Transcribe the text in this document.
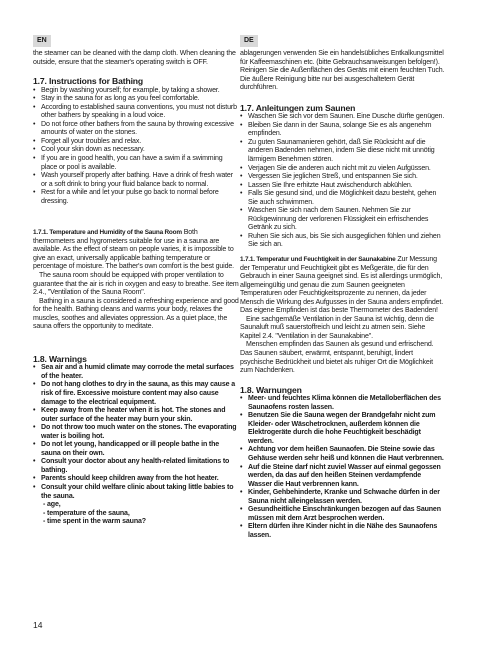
EN

the steamer can be cleaned with the damp cloth. When cleaning the outside, ensure that the steamer's operating switch is OFF.

1.7. Instructions for Bathing
• Begin by washing yourself; for example, by taking a shower.
• Stay in the sauna for as long as you feel comfortable.
• According to established sauna conventions, you must not disturb other bathers by speaking in a loud voice.
• Do not force other bathers from the sauna by throwing excessive amounts of water on the stones.
• Forget all your troubles and relax.
• Cool your skin down as necessary.
• If you are in good health, you can have a swim if a swimming place or pool is available.
• Wash yourself properly after bathing. Have a drink of fresh water or a soft drink to bring your fluid balance back to normal.
• Rest for a while and let your pulse go back to normal before dressing.

1.7.1. Temperature and Humidity of the Sauna Room Both thermometers and hygrometers suitable for use in a sauna are available. As the effect of steam on people varies, it is impossible to give an exact, universally applicable bathing temperature or percentage of moisture. The bather's own comfort is the best guide.

The sauna room should be equipped with proper ventilation to guarantee that the air is rich in oxygen and easy to breathe. See item 2.4., "Ventilation of the Sauna Room".

Bathing in a sauna is considered a refreshing experience and good for the health. Bathing cleans and warms your body, relaxes the muscles, soothes and alleviates oppression. As a quiet place, the sauna offers the opportunity to meditate.

1.8. Warnings
• Sea air and a humid climate may corrode the metal surfaces of the heater.
• Do not hang clothes to dry in the sauna, as this may cause a risk of fire. Excessive moisture content may also cause damage to the electrical equipment.
• Keep away from the heater when it is hot. The stones and outer surface of the heater may burn your skin.
• Do not throw too much water on the stones. The evaporating water is boiling hot.
• Do not let young, handicapped or ill people bathe in the sauna on their own.
• Consult your doctor about any health-related limitations to bathing.
• Parents should keep children away from the hot heater.
• Consult your child welfare clinic about taking little babies to the sauna.
- age,
- temperature of the sauna,
- time spent in the warm sauna?
DE

ablagerungen verwenden Sie ein handelsübliches Entkalkungsmittel für Kaffeemaschinen etc. (bitte Gebrauchsanweisungen befolgen!). Reinigen Sie die Außenflächen des Geräts mit einem feuchten Tuch. Die äußere Reinigung bitte nur bei ausgeschaltetem Gerät durchführen.

1.7. Anleitungen zum Saunen
• Waschen Sie sich vor dem Saunen. Eine Dusche dürfte genügen.
• Bleiben Sie dann in der Sauna, solange Sie es als angenehm empfinden.
• Zu guten Saunamanieren gehört, daß Sie Rücksicht auf die anderen Badenden nehmen, indem Sie diese nicht mit unnötig lärmigem Benehmen stören.
• Verjagen Sie die anderen auch nicht mit zu vielen Aufgüssen.
• Vergessen Sie jeglichen Streß, und entspannen Sie sich.
• Lassen Sie Ihre erhitzte Haut zwischendurch abkühlen.
• Falls Sie gesund sind, und die Möglichkeit dazu besteht, gehen Sie auch schwimmen.
• Waschen Sie sich nach dem Saunen. Nehmen Sie zur Rückgewinnung der verlorenen Flüssigkeit ein erfrischendes Getränk zu sich.
• Ruhen Sie sich aus, bis Sie sich ausgeglichen fühlen und ziehen Sie sich an.

1.7.1. Temperatur und Feuchtigkeit in der Saunakabine Zur Messung der Temperatur und Feuchtigkeit gibt es Meßgeräte, die für den Gebrauch in einer Sauna geeignet sind. Es ist allerdings unmöglich, allgemeingültig und genau die zum Saunen geeigneten Temperaturen oder Feuchtigkeitsprozente zu nennen, da jeder Mensch die Wirkung des Aufgusses in der Sauna anders empfindet. Das eigene Empfinden ist das beste Thermometer des Badenden!

Eine sachgemäße Ventilation in der Sauna ist wichtig, denn die Saunaluft muß sauerstoffreich und leicht zu atmen sein. Siehe Kapitel 2.4. "Ventilation in der Saunakabine".

Menschen empfinden das Saunen als gesund und erfrischend. Das Saunen säubert, erwärmt, entspannt, beruhigt, lindert psychische Bedrückheit und bietet als ruhiger Ort die Möglichkeit zum Nachdenken.

1.8. Warnungen
• Meer- und feuchtes Klima können die Metalloberflächen des Saunaofens rosten lassen.
• Benutzen Sie die Sauna wegen der Brandgefahr nicht zum Kleider- oder Wäschetrocknen, außerdem können die Elektrogeräte durch die hohe Feuchtigkeit beschädigt werden.
• Achtung vor dem heißen Saunaofen. Die Steine sowie das Gehäuse werden sehr heiß und können die Haut verbrennen.
• Auf die Steine darf nicht zuviel Wasser auf einmal gegossen werden, da das auf den heißen Steinen verdampfende Wasser die Haut verbrennen kann.
• Kinder, Gehbehinderte, Kranke und Schwache dürfen in der Sauna nicht alleingelassen werden.
• Gesundheitliche Einschränkungen bezogen auf das Saunen müssen mit dem Arzt besprochen werden.
• Eltern dürfen ihre Kinder nicht in die Nähe des Saunaofens lassen.
14
